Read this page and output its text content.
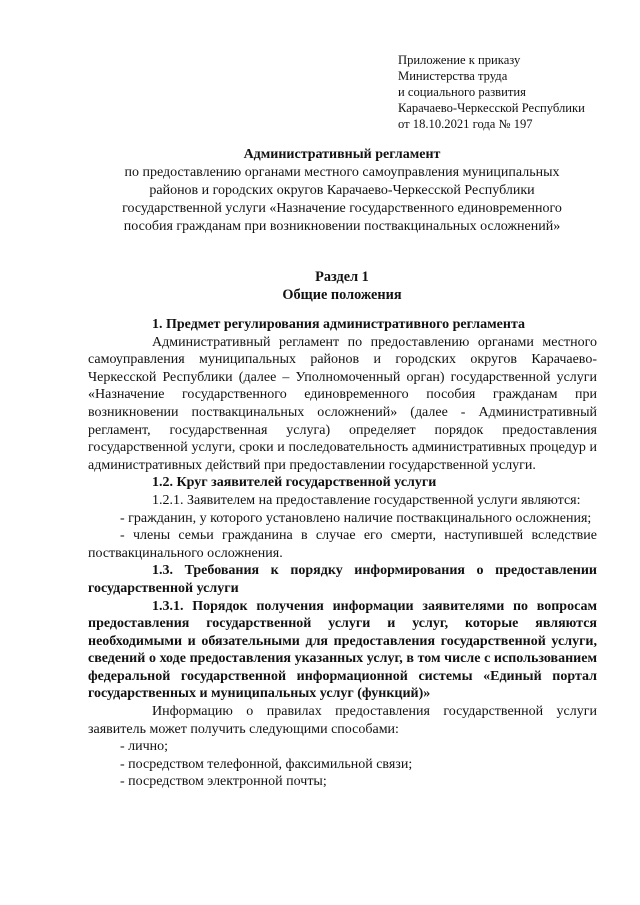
Приложение к приказу
Министерства труда
и социального развития
Карачаево-Черкесской Республики
от 18.10.2021 года № 197
Административный регламент
по предоставлению органами местного самоуправления муниципальных
районов и городских округов Карачаево-Черкесской Республики
государственной услуги «Назначение государственного единовременного
пособия гражданам при возникновении поствакцинальных осложнений»
Раздел 1
Общие положения

1. Предмет регулирования административного регламента

Административный регламент по предоставлению органами местного самоуправления муниципальных районов и городских округов Карачаево-Черкесской Республики (далее – Уполномоченный орган) государственной услуги «Назначение государственного единовременного пособия гражданам при возникновении поствакцинальных осложнений» (далее - Административный регламент, государственная услуга) определяет порядок предоставления государственной услуги, сроки и последовательность административных процедур и административных действий при предоставлении государственной услуги.

1.2. Круг заявителей государственной услуги

1.2.1. Заявителем на предоставление государственной услуги являются:

- гражданин, у которого установлено наличие поствакцинального осложнения;

- члены семьи гражданина в случае его смерти, наступившей вследствие поствакцинального осложнения.

1.3. Требования к порядку информирования о предоставлении государственной услуги

1.3.1. Порядок получения информации заявителями по вопросам предоставления государственной услуги и услуг, которые являются необходимыми и обязательными для предоставления государственной услуги, сведений о ходе предоставления указанных услуг, в том числе с использованием федеральной государственной информационной системы «Единый портал государственных и муниципальных услуг (функций)»

Информацию о правилах предоставления государственной услуги заявитель может получить следующими способами:

- лично;

- посредством телефонной, факсимильной связи;

- посредством электронной почты;
